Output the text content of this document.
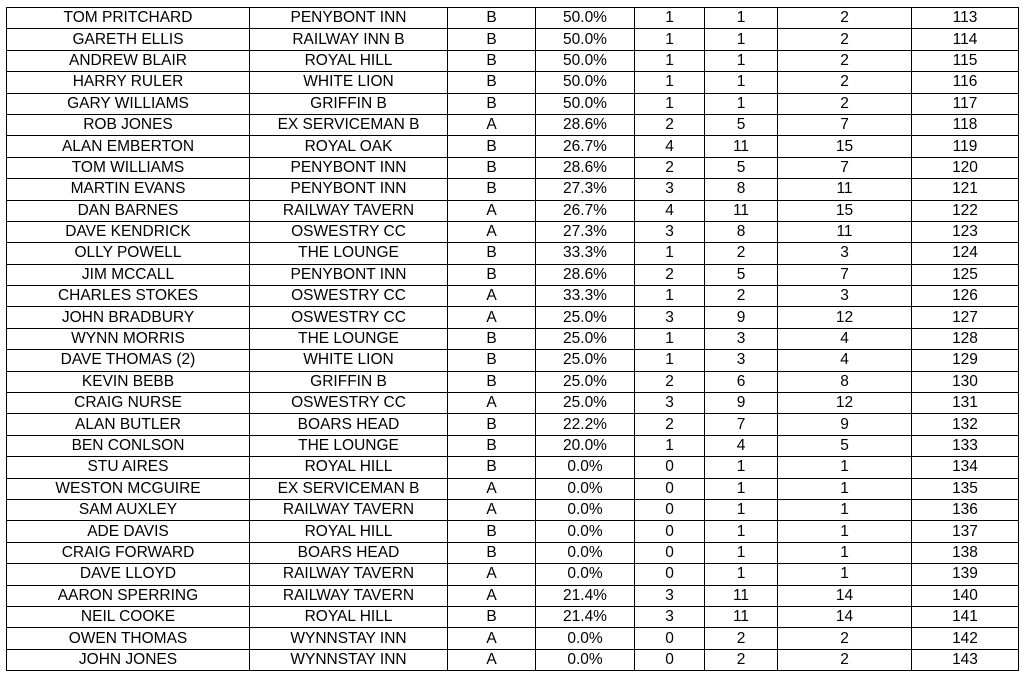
TOM PRITCHARD	PENYBONT INN	B	50.0%	1	1	2	113
GARETH ELLIS	RAILWAY INN B	B	50.0%	1	1	2	114
ANDREW BLAIR	ROYAL HILL	B	50.0%	1	1	2	115
HARRY RULER	WHITE LION	B	50.0%	1	1	2	116
GARY WILLIAMS	GRIFFIN B	B	50.0%	1	1	2	117
ROB JONES	EX SERVICEMAN B	A	28.6%	2	5	7	118
ALAN EMBERTON	ROYAL OAK	B	26.7%	4	11	15	119
TOM WILLIAMS	PENYBONT INN	B	28.6%	2	5	7	120
MARTIN EVANS	PENYBONT INN	B	27.3%	3	8	11	121
DAN BARNES	RAILWAY TAVERN	A	26.7%	4	11	15	122
DAVE KENDRICK	OSWESTRY CC	A	27.3%	3	8	11	123
OLLY POWELL	THE LOUNGE	B	33.3%	1	2	3	124
JIM MCCALL	PENYBONT INN	B	28.6%	2	5	7	125
CHARLES STOKES	OSWESTRY CC	A	33.3%	1	2	3	126
JOHN BRADBURY	OSWESTRY CC	A	25.0%	3	9	12	127
WYNN MORRIS	THE LOUNGE	B	25.0%	1	3	4	128
DAVE THOMAS (2)	WHITE LION	B	25.0%	1	3	4	129
KEVIN BEBB	GRIFFIN B	B	25.0%	2	6	8	130
CRAIG NURSE	OSWESTRY CC	A	25.0%	3	9	12	131
ALAN BUTLER	BOARS HEAD	B	22.2%	2	7	9	132
BEN CONLSON	THE LOUNGE	B	20.0%	1	4	5	133
STU AIRES	ROYAL HILL	B	0.0%	0	1	1	134
WESTON MCGUIRE	EX SERVICEMAN B	A	0.0%	0	1	1	135
SAM AUXLEY	RAILWAY TAVERN	A	0.0%	0	1	1	136
ADE DAVIS	ROYAL HILL	B	0.0%	0	1	1	137
CRAIG FORWARD	BOARS HEAD	B	0.0%	0	1	1	138
DAVE LLOYD	RAILWAY TAVERN	A	0.0%	0	1	1	139
AARON SPERRING	RAILWAY TAVERN	A	21.4%	3	11	14	140
NEIL COOKE	ROYAL HILL	B	21.4%	3	11	14	141
OWEN THOMAS	WYNNSTAY INN	A	0.0%	0	2	2	142
JOHN JONES	WYNNSTAY INN	A	0.0%	0	2	2	143
